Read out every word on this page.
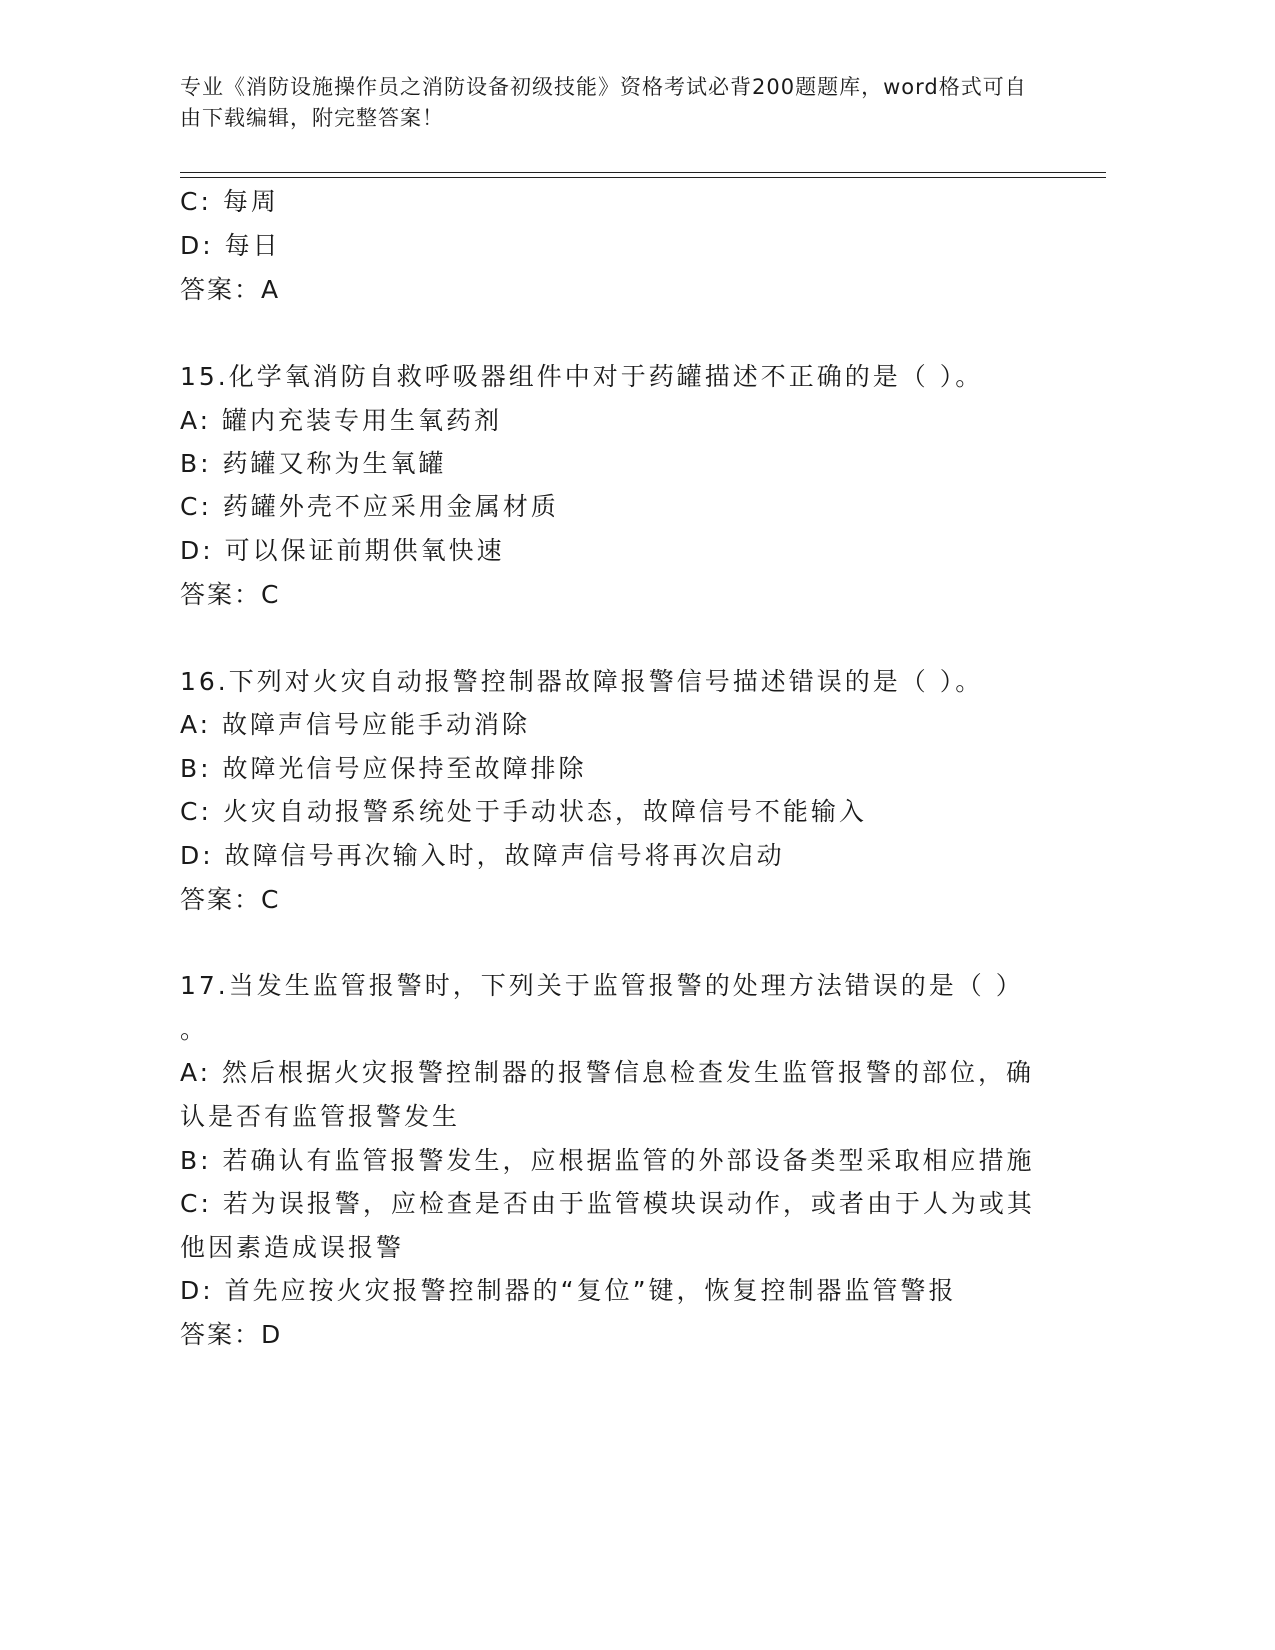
专业《消防设施操作员之消防设备初级技能》资格考试必背200题题库，word格式可自由下载编辑，附完整答案！
C: 每周
D: 每日
答案：A
15.化学氧消防自救呼吸器组件中对于药罐描述不正确的是（ ）。
A: 罐内充装专用生氧药剂
B: 药罐又称为生氧罐
C: 药罐外壳不应采用金属材质
D: 可以保证前期供氧快速
答案：C
16.下列对火灾自动报警控制器故障报警信号描述错误的是（ ）。
A: 故障声信号应能手动消除
B: 故障光信号应保持至故障排除
C: 火灾自动报警系统处于手动状态，故障信号不能输入
D: 故障信号再次输入时，故障声信号将再次启动
答案：C
17.当发生监管报警时，下列关于监管报警的处理方法错误的是（ ）
。
A: 然后根据火灾报警控制器的报警信息检查发生监管报警的部位，确
认是否有监管报警发生
B: 若确认有监管报警发生，应根据监管的外部设备类型采取相应措施
C: 若为误报警，应检查是否由于监管模块误动作，或者由于人为或其
他因素造成误报警
D: 首先应按火灾报警控制器的“复位”键，恢复控制器监管警报
答案：D
